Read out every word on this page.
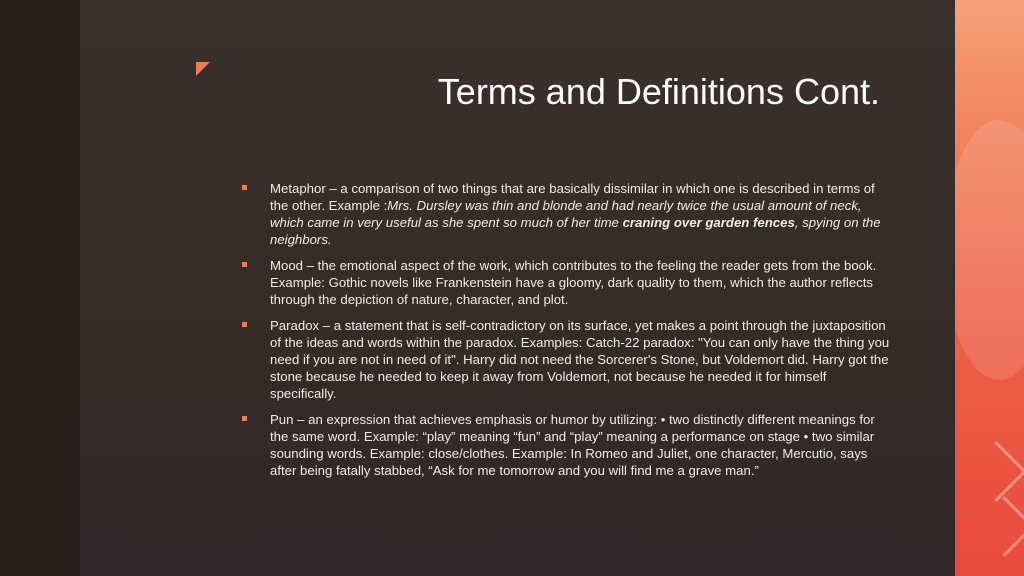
Terms and Definitions Cont.
Metaphor – a comparison of two things that are basically dissimilar in which one is described in terms of the other. Example :Mrs. Dursley was thin and blonde and had nearly twice the usual amount of neck, which came in very useful as she spent so much of her time craning over garden fences, spying on the neighbors.
Mood – the emotional aspect of the work, which contributes to the feeling the reader gets from the book. Example: Gothic novels like Frankenstein have a gloomy, dark quality to them, which the author reflects through the depiction of nature, character, and plot.
Paradox – a statement that is self-contradictory on its surface, yet makes a point through the juxtaposition of the ideas and words within the paradox. Examples: Catch-22 paradox: "You can only have the thing you need if you are not in need of it". Harry did not need the Sorcerer's Stone, but Voldemort did. Harry got the stone because he needed to keep it away from Voldemort, not because he needed it for himself specifically.
Pun – an expression that achieves emphasis or humor by utilizing: • two distinctly different meanings for the same word. Example: “play” meaning “fun” and “play” meaning a performance on stage • two similar sounding words. Example: close/clothes. Example: In Romeo and Juliet, one character, Mercutio, says after being fatally stabbed, “Ask for me tomorrow and you will find me a grave man.”
